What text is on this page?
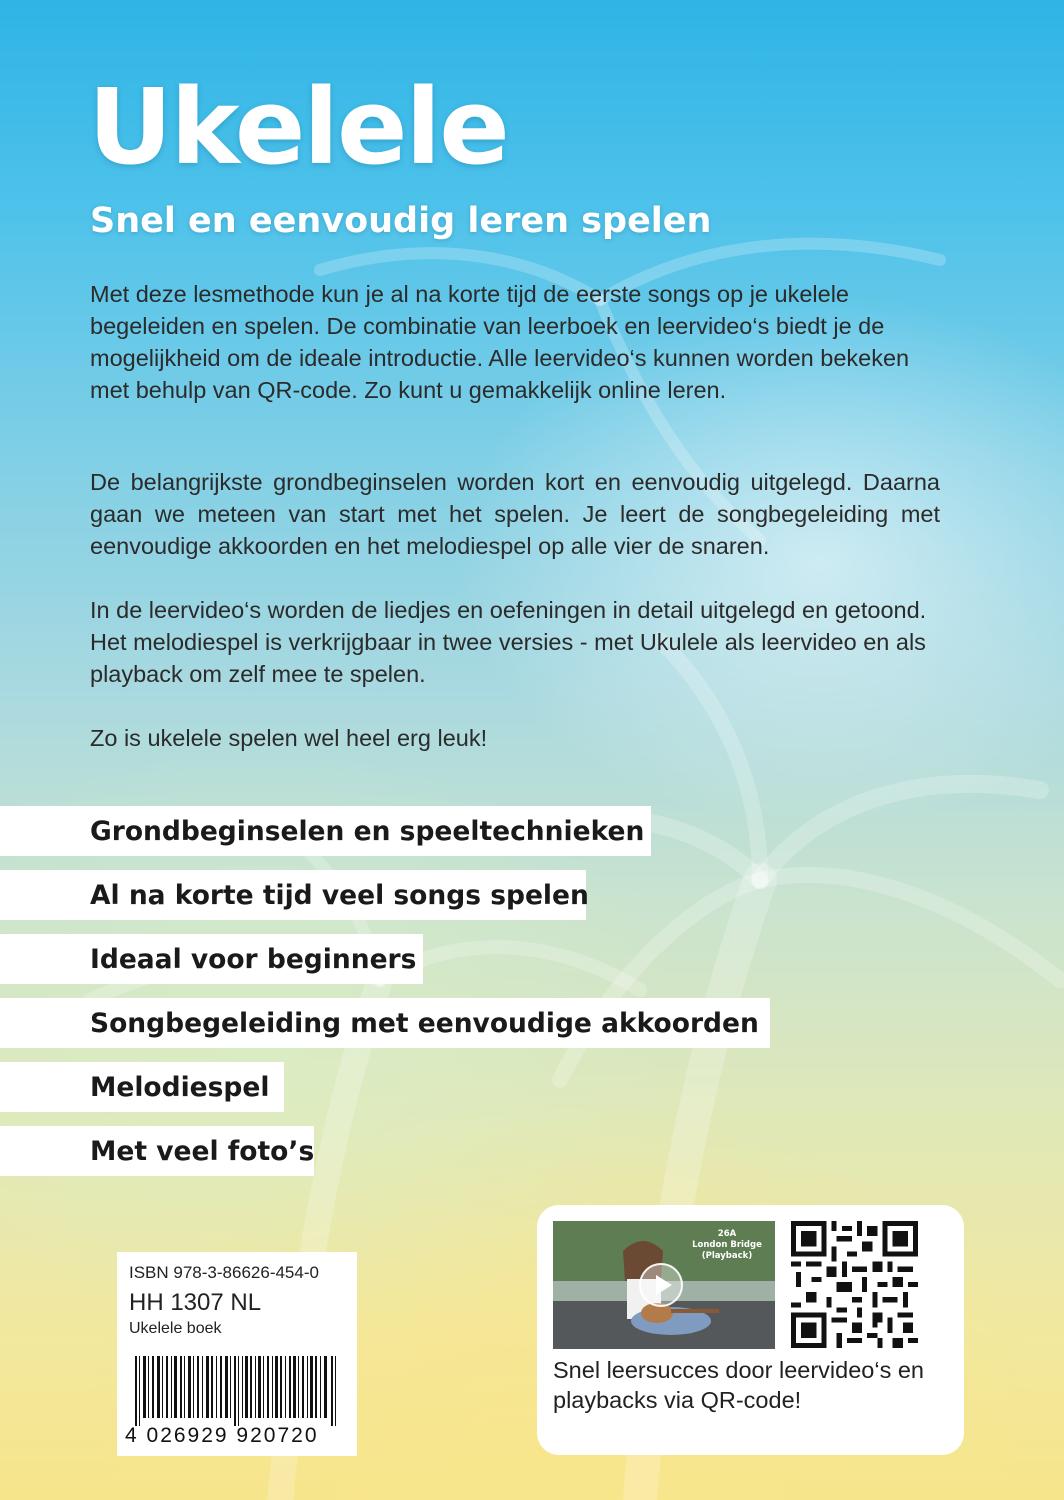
Ukelele
Snel en eenvoudig leren spelen

Met deze lesmethode kun je al na korte tijd de eerste songs op je ukelele begeleiden en spelen. De combinatie van leerboek en leervideo‘s biedt je de mogelijkheid om de ideale introductie. Alle leervideo‘s kunnen worden bekeken met behulp van QR-code. Zo kunt u gemakkelijk online leren.

De belangrijkste grondbeginselen worden kort en eenvoudig uitgelegd. Daarna gaan we meteen van start met het spelen. Je leert de songbegeleiding met eenvoudige akkoorden en het melodiespel op alle vier de snaren.

In de leervideo‘s worden de liedjes en oefeningen in detail uitgelegd en getoond. Het melodiespel is verkrijgbaar in twee versies - met Ukulele als leervideo en als playback om zelf mee te spelen.

Zo is ukelele spelen wel heel erg leuk!

Grondbeginselen en speeltechnieken
Al na korte tijd veel songs spelen
Ideaal voor beginners
Songbegeleiding met eenvoudige akkoorden
Melodiespel
Met veel foto’s
ISBN 978-3-86626-454-0
HH 1307 NL
Ukelele boek
4 026929 920720
26A
London Bridge
(Playback)

Snel leersucces door leervideo‘s en playbacks via QR-code!
